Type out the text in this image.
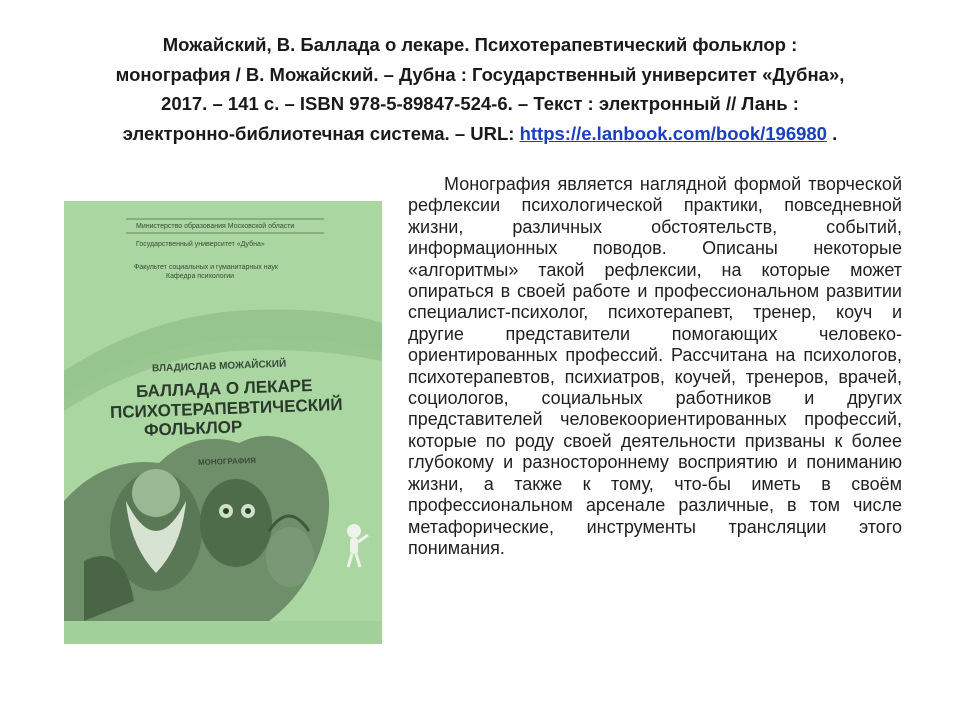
Можайский, В. Баллада о лекаре. Психотерапевтический фольклор :
монография / В. Можайский. – Дубна : Государственный университет «Дубна»,
2017. – 141 с. – ISBN 978-5-89847-524-6. – Текст : электронный // Лань :
электронно-библиотечная система. – URL: https://e.lanbook.com/book/196980 .
Министерство образования Московской области
Государственный университет «Дубна»
Факультет социальных и гуманитарных наук
Кафедра психологии
ВЛАДИСЛАВ МОЖАЙСКИЙ
БАЛЛАДА О ЛЕКАРЕ
ПСИХОТЕРАПЕВТИЧЕСКИЙ
ФОЛЬКЛОР
МОНОГРАФИЯ
Монография является наглядной формой творческой рефлексии психологической практики, повседневной жизни, различных обстоятельств, событий, информационных поводов. Описаны некоторые «алгоритмы» такой рефлексии, на которые может опираться в своей работе и профессиональном развитии специалист-психолог, психотерапевт, тренер, коуч и другие представители помогающих человеко-ориентированных профессий. Рассчитана на психологов, психотерапевтов, психиатров, коучей, тренеров, врачей, социологов, социальных работников и других представителей человекоориентированных профессий, которые по роду своей деятельности призваны к более глубокому и разностороннему восприятию и пониманию жизни, а также к тому, что-бы иметь в своём профессиональном арсенале различные, в том числе метафорические, инструменты трансляции этого понимания.
